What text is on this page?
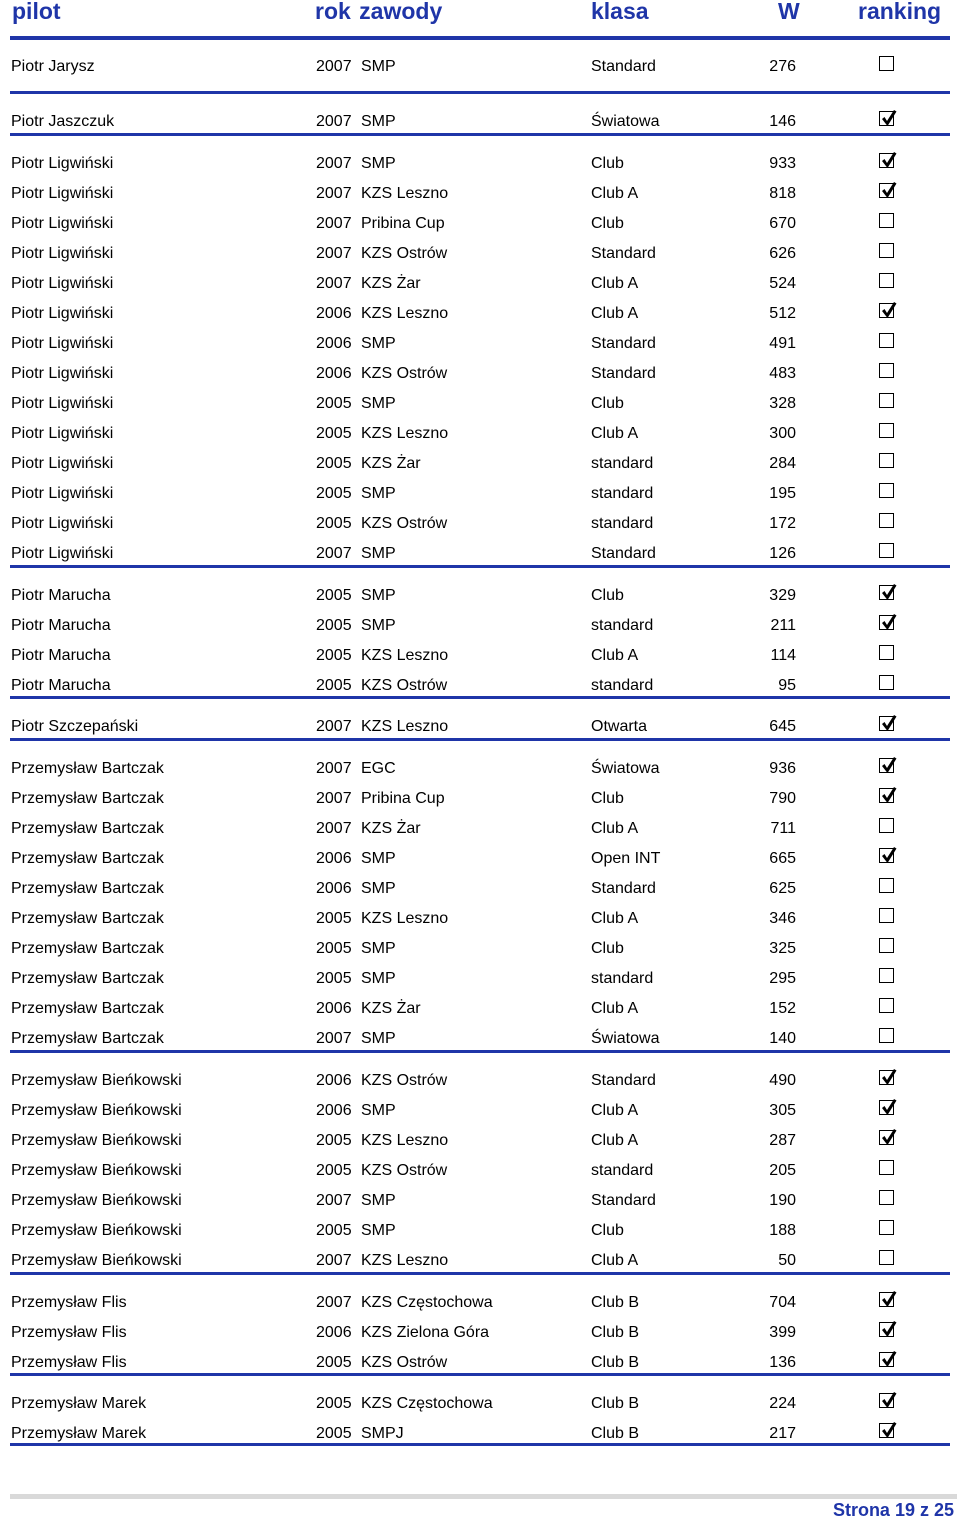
pilot	rok zawody	klasa	W	ranking
Piotr Jarysz	2007 SMP	Standard	276
Piotr Jaszczuk	2007 SMP	Światowa	146
Piotr Ligwiński	2007 SMP	Club	933
Piotr Ligwiński	2007 KZS Leszno	Club A	818
Piotr Ligwiński	2007 Pribina Cup	Club	670
Piotr Ligwiński	2007 KZS Ostrów	Standard	626
Piotr Ligwiński	2007 KZS Żar	Club A	524
Piotr Ligwiński	2006 KZS Leszno	Club A	512
Piotr Ligwiński	2006 SMP	Standard	491
Piotr Ligwiński	2006 KZS Ostrów	Standard	483
Piotr Ligwiński	2005 SMP	Club	328
Piotr Ligwiński	2005 KZS Leszno	Club A	300
Piotr Ligwiński	2005 KZS Żar	standard	284
Piotr Ligwiński	2005 SMP	standard	195
Piotr Ligwiński	2005 KZS Ostrów	standard	172
Piotr Ligwiński	2007 SMP	Standard	126
Piotr Marucha	2005 SMP	Club	329
Piotr Marucha	2005 SMP	standard	211
Piotr Marucha	2005 KZS Leszno	Club A	114
Piotr Marucha	2005 KZS Ostrów	standard	95
Piotr Szczepański	2007 KZS Leszno	Otwarta	645
Przemysław Bartczak	2007 EGC	Światowa	936
Przemysław Bartczak	2007 Pribina Cup	Club	790
Przemysław Bartczak	2007 KZS Żar	Club A	711
Przemysław Bartczak	2006 SMP	Open INT	665
Przemysław Bartczak	2006 SMP	Standard	625
Przemysław Bartczak	2005 KZS Leszno	Club A	346
Przemysław Bartczak	2005 SMP	Club	325
Przemysław Bartczak	2005 SMP	standard	295
Przemysław Bartczak	2006 KZS Żar	Club A	152
Przemysław Bartczak	2007 SMP	Światowa	140
Przemysław Bieńkowski	2006 KZS Ostrów	Standard	490
Przemysław Bieńkowski	2006 SMP	Club A	305
Przemysław Bieńkowski	2005 KZS Leszno	Club A	287
Przemysław Bieńkowski	2005 KZS Ostrów	standard	205
Przemysław Bieńkowski	2007 SMP	Standard	190
Przemysław Bieńkowski	2005 SMP	Club	188
Przemysław Bieńkowski	2007 KZS Leszno	Club A	50
Przemysław Flis	2007 KZS Częstochowa	Club B	704
Przemysław Flis	2006 KZS Zielona Góra	Club B	399
Przemysław Flis	2005 KZS Ostrów	Club B	136
Przemysław Marek	2005 KZS Częstochowa	Club B	224
Przemysław Marek	2005 SMPJ	Club B	217
Strona 19 z 25
